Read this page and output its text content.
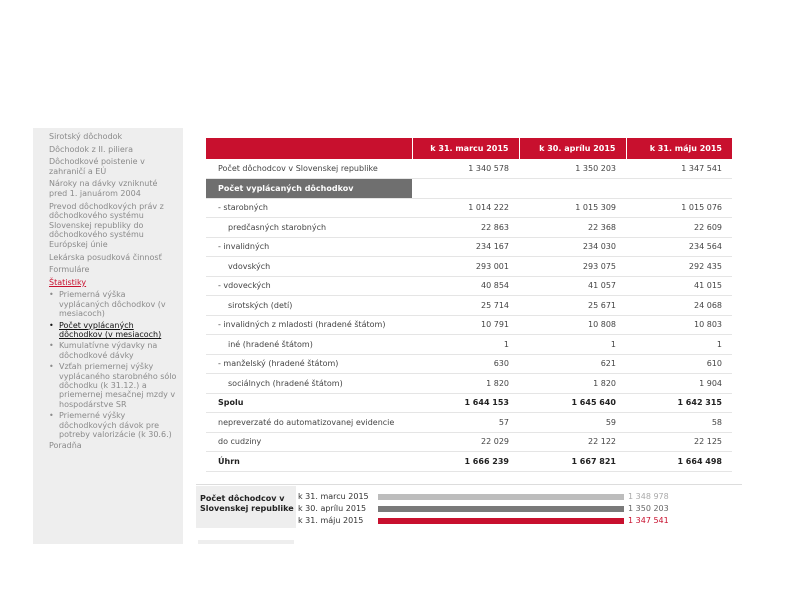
Sirotský dôchodok
Dôchodok z II. piliera
Dôchodkové poistenie v zahraničí a EÚ
Nároky na dávky vzniknuté pred 1. januárom 2004
Prevod dôchodkových práv z dôchodkového systému Slovenskej republiky do dôchodkového systému Európskej únie
Lekárska posudková činnosť
Formuláre
Štatistiky
• Priemerná výška vyplácaných dôchodkov (v mesiacoch)
• Počet vyplácaných dôchodkov (v mesiacoch)
• Kumulatívne výdavky na dôchodkové dávky
• Vzťah priemernej výšky vyplácaného starobného sólo dôchodku (k 31.12.) a priemernej mesačnej mzdy v hospodárstve SR
• Priemerné výšky dôchodkových dávok pre potreby valorizácie (k 30.6.)
Poradňa
	k 31. marcu 2015	k 30. aprílu 2015	k 31. máju 2015
Počet dôchodcov v Slovenskej republike	1 340 578	1 350 203	1 347 541
Počet vyplácaných dôchodkov			
- starobných	1 014 222	1 015 309	1 015 076
predčasných starobných	22 863	22 368	22 609
- invalidných	234 167	234 030	234 564
vdovských	293 001	293 075	292 435
- vdoveckých	40 854	41 057	41 015
sirotských (detí)	25 714	25 671	24 068
- invalidných z mladosti (hradené štátom)	10 791	10 808	10 803
iné (hradené štátom)	1	1	1
- manželský (hradené štátom)	630	621	610
sociálnych (hradené štátom)	1 820	1 820	1 904
Spolu	1 644 153	1 645 640	1 642 315
nepreverzaté do automatizovanej evidencie	57	59	58
do cudziny	22 029	22 122	22 125
Úhrn	1 666 239	1 667 821	1 664 498
Počet dôchodcov v Slovenskej republike
k 31. marcu 2015	1 348 978
k 30. aprílu 2015	1 350 203
k 31. máju 2015	1 347 541
